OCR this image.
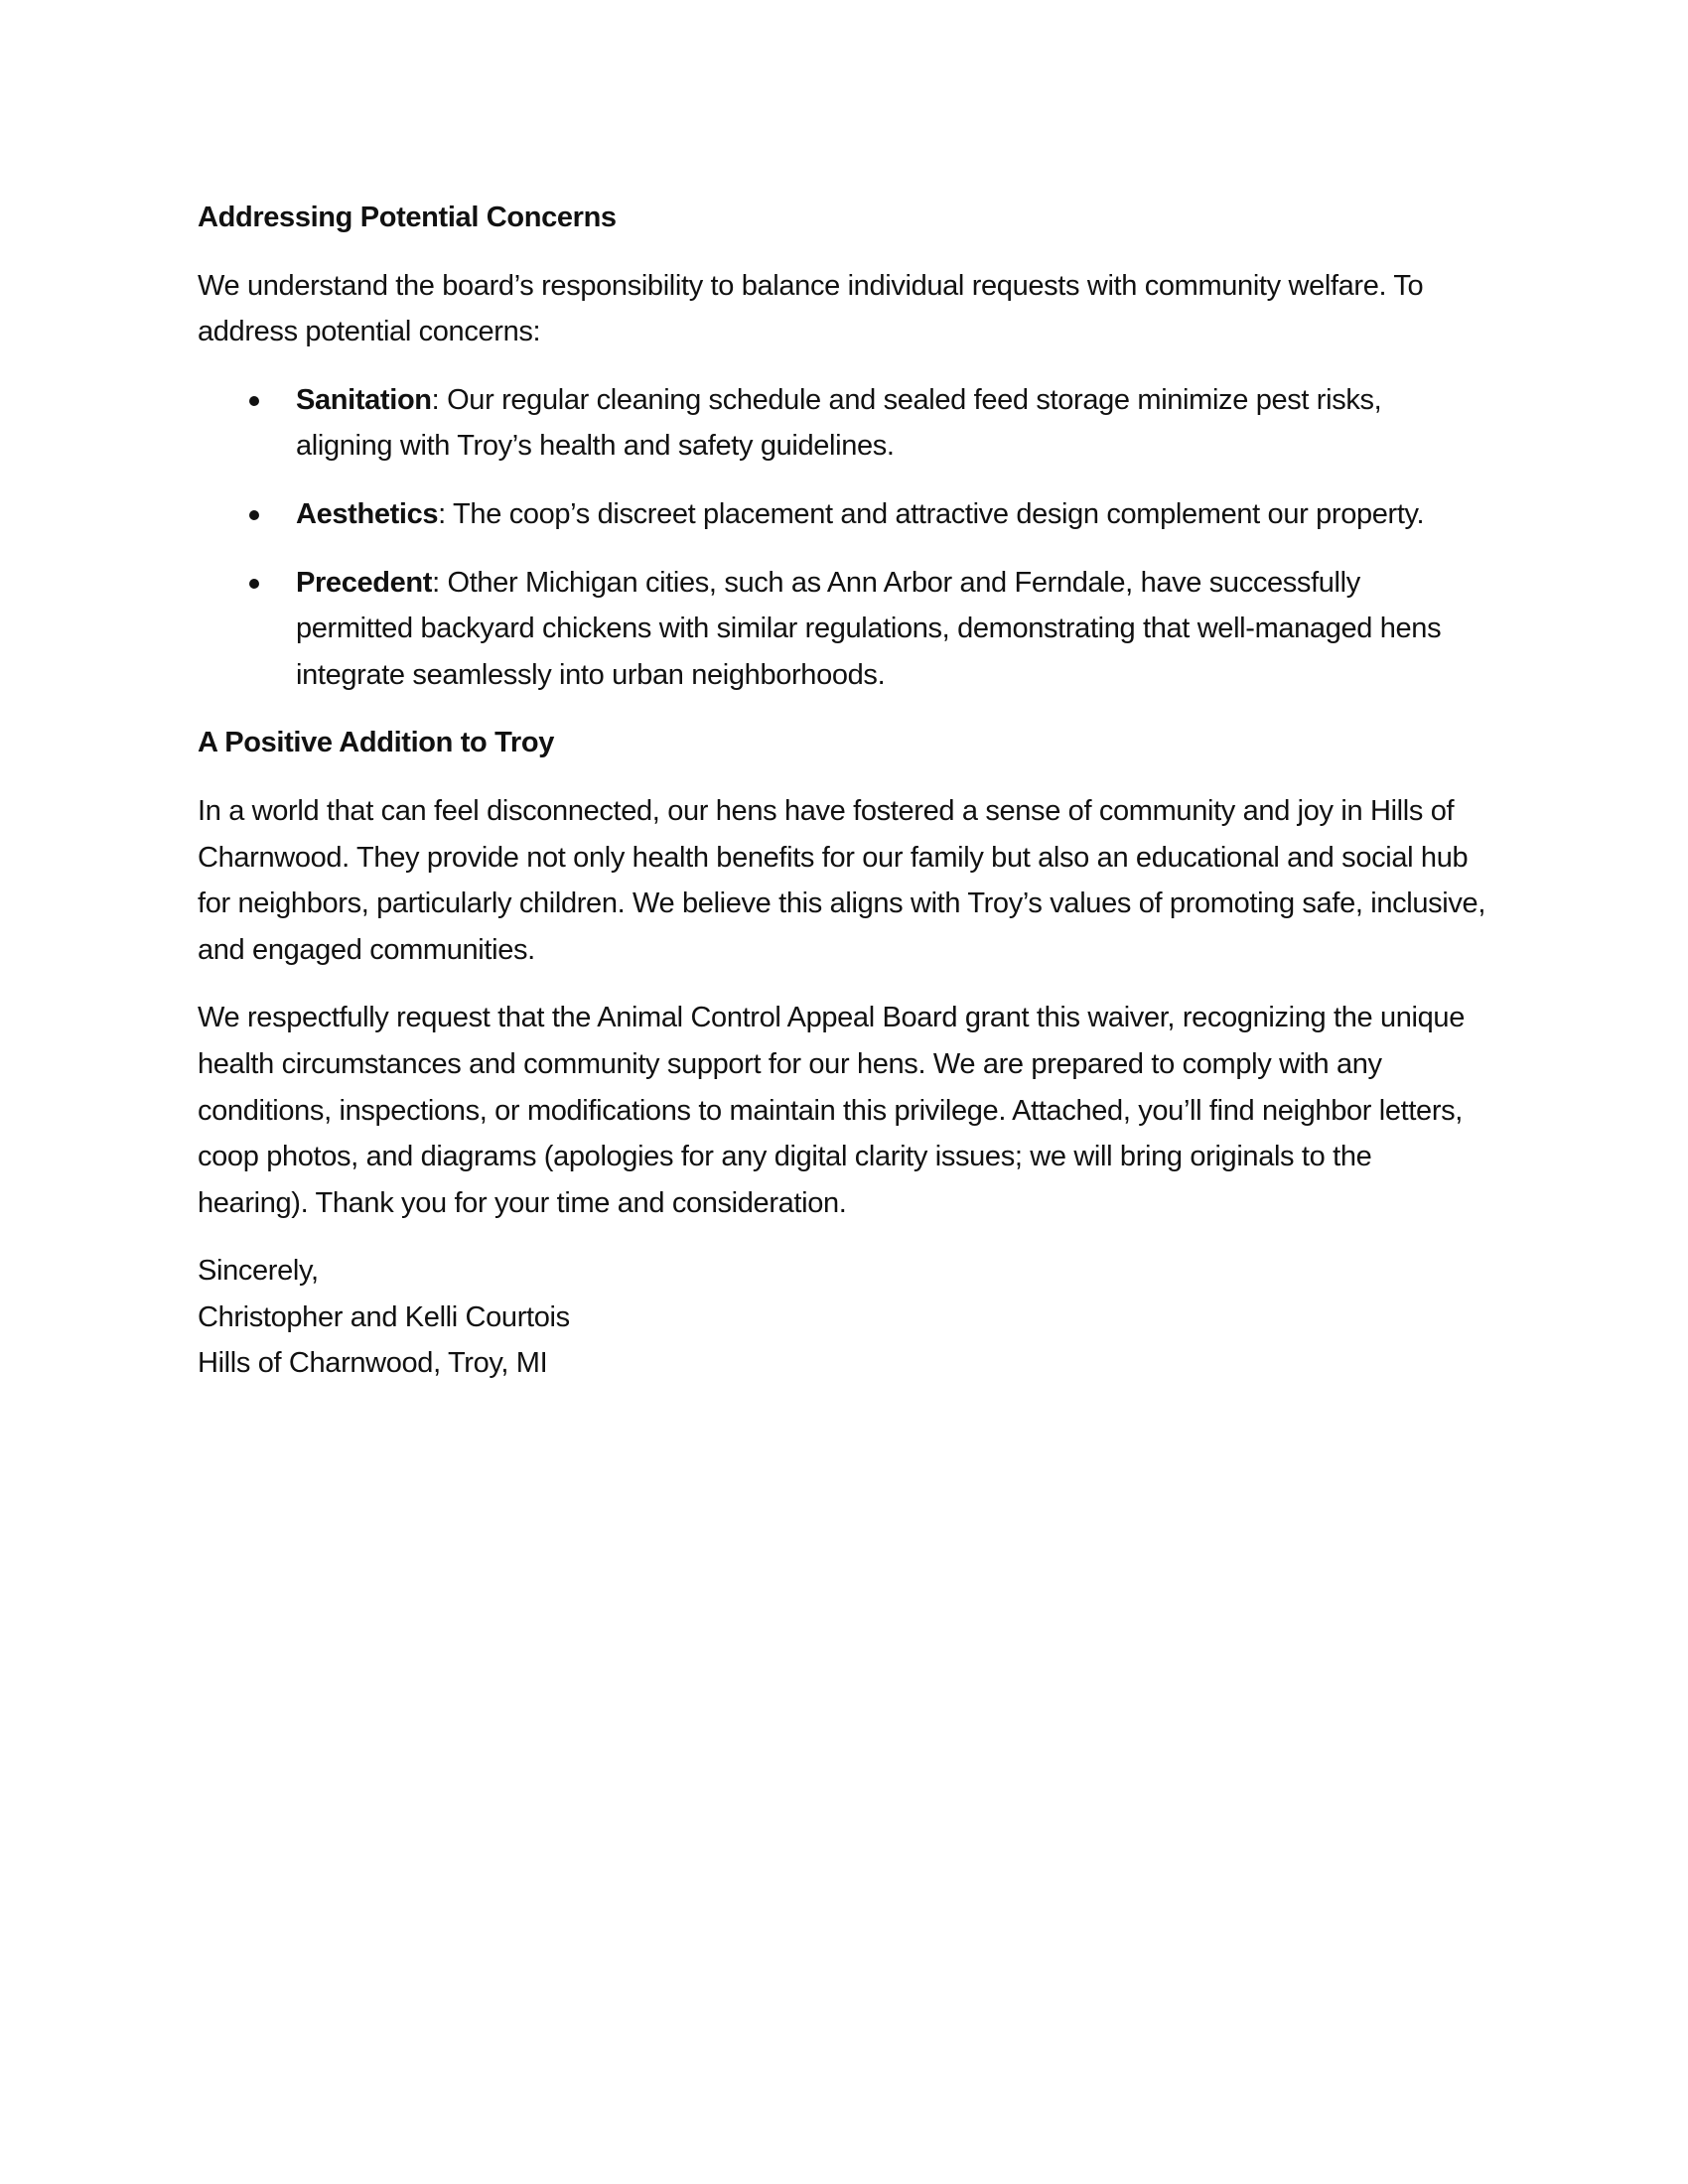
Addressing Potential Concerns

We understand the board’s responsibility to balance individual requests with community welfare. To address potential concerns:

Sanitation: Our regular cleaning schedule and sealed feed storage minimize pest risks, aligning with Troy’s health and safety guidelines.
Aesthetics: The coop’s discreet placement and attractive design complement our property.
Precedent: Other Michigan cities, such as Ann Arbor and Ferndale, have successfully permitted backyard chickens with similar regulations, demonstrating that well-managed hens integrate seamlessly into urban neighborhoods.
A Positive Addition to Troy

In a world that can feel disconnected, our hens have fostered a sense of community and joy in Hills of Charnwood. They provide not only health benefits for our family but also an educational and social hub for neighbors, particularly children. We believe this aligns with Troy’s values of promoting safe, inclusive, and engaged communities.

We respectfully request that the Animal Control Appeal Board grant this waiver, recognizing the unique health circumstances and community support for our hens. We are prepared to comply with any conditions, inspections, or modifications to maintain this privilege. Attached, you’ll find neighbor letters, coop photos, and diagrams (apologies for any digital clarity issues; we will bring originals to the hearing). Thank you for your time and consideration.

Sincerely,
Christopher and Kelli Courtois
Hills of Charnwood, Troy, MI
